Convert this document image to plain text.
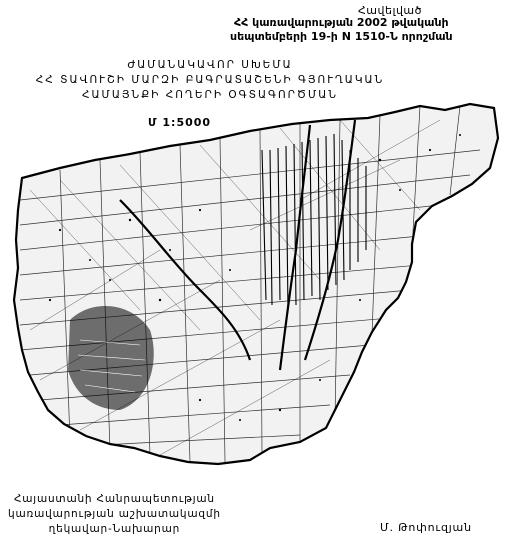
Հավելված
ՀՀ կառավարության 2002 թվականի
սեպտեմբերի 19-ի N 1510-Ն որոշման
ԺԱՄԱՆԱԿԱՎՈՐ ՍԽԵՄԱ
ՀՀ ՏԱՎՈՒՇԻ ՄԱՐԶԻ ԲԱԳՐԱՏԱՇԵՆԻ ԳՅՈՒՂԱԿԱՆ
ՀԱՄԱՅՆՔԻ ՀՈՂԵՐԻ ՕԳՏԱԳՈՐԾՄԱՆ
Մ 1:5000
Հայաստանի Հանրապետության
կառավարության աշխատակազմի
ղեկավար-Նախարար	Մ. Թոփուզյան
